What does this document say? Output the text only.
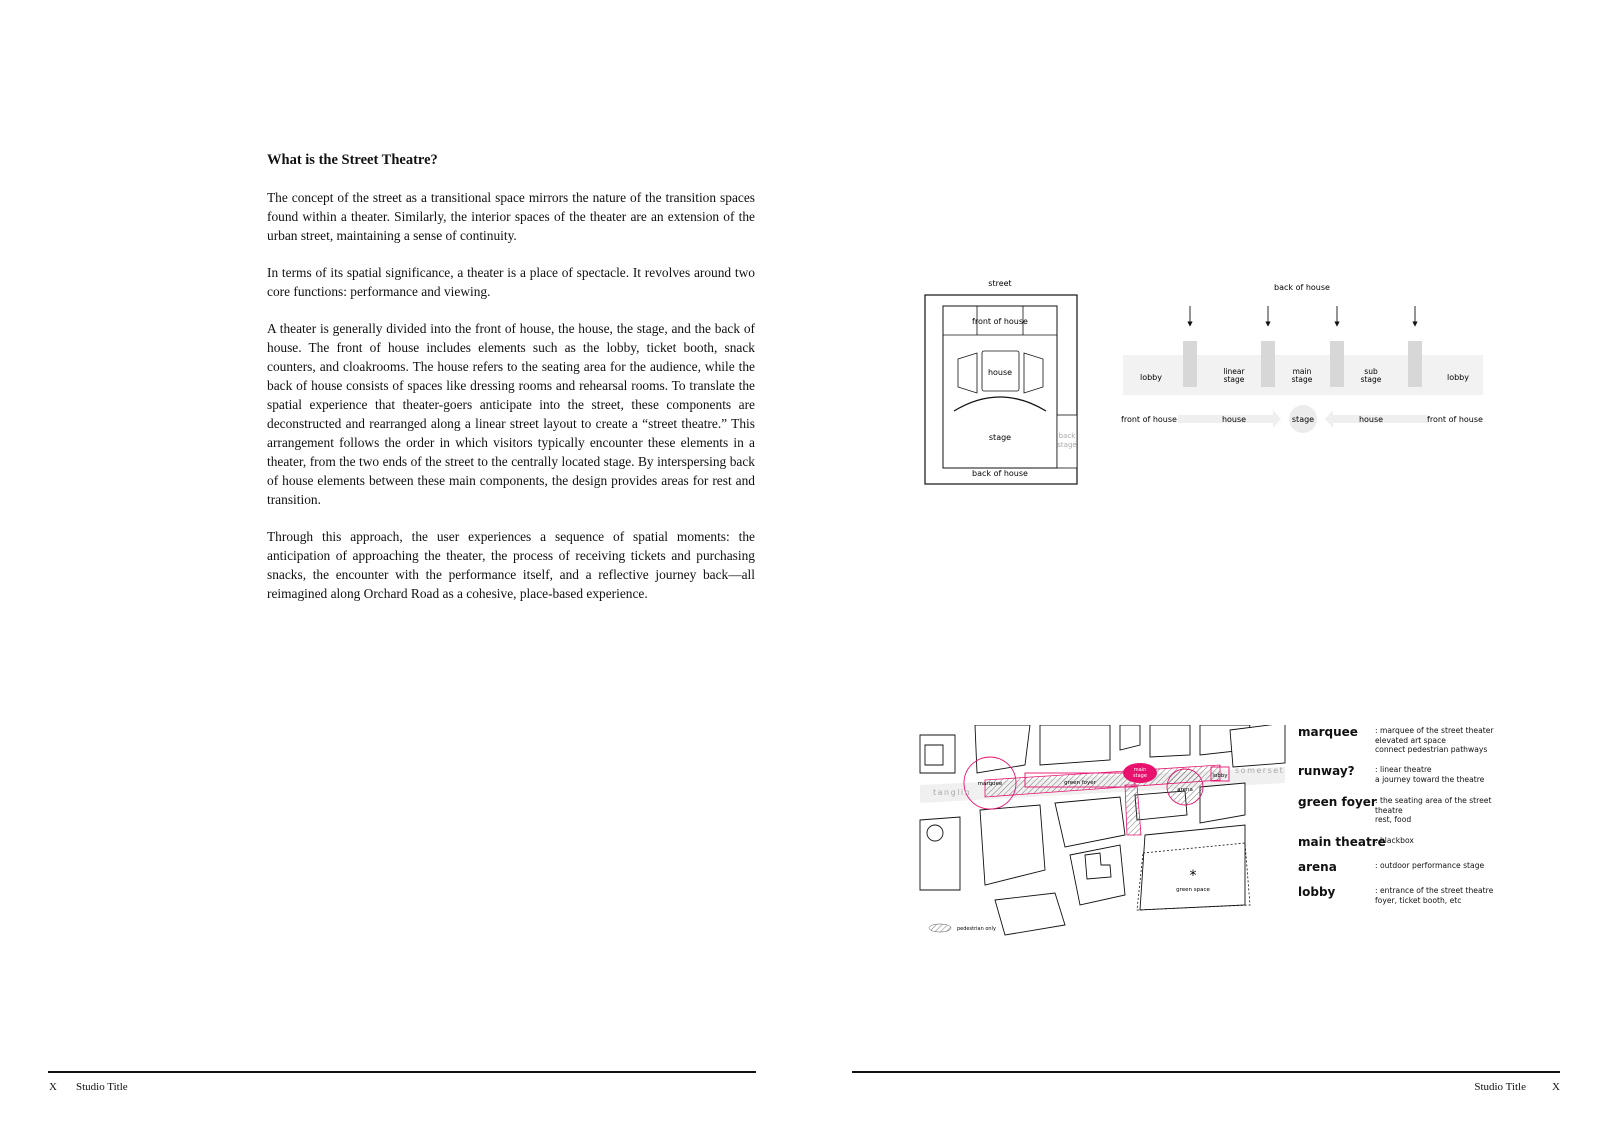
What is the Street Theatre?

The concept of the street as a transitional space mirrors the nature of the transition spaces found within a theater. Similarly, the interior spaces of the theater are an extension of the urban street, maintaining a sense of continuity.

In terms of its spatial significance, a theater is a place of spectacle. It revolves around two core functions: performance and viewing.

A theater is generally divided into the front of house, the house, the stage, and the back of house. The front of house includes elements such as the lobby, ticket booth, snack counters, and cloakrooms. The house refers to the seating area for the audience, while the back of house consists of spaces like dressing rooms and rehearsal rooms. To translate the spatial experience that theater-goers anticipate into the street, these components are deconstructed and rearranged along a linear street layout to create a “street theatre.” This arrangement follows the order in which visitors typically encounter these elements in a theater, from the two ends of the street to the centrally located stage. By interspersing back of house elements between these main components, the design provides areas for rest and transition.

Through this approach, the user experiences a sequence of spatial moments: the anticipation of approaching the theater, the process of receiving tickets and purchasing snacks, the encounter with the performance itself, and a reflective journey back—all reimagined along Orchard Road as a cohesive, place-based experience.

street
front of house
house
stage	back
stage
back of house
back of house
lobby
linear
stage
main
stage
sub
stage	lobby
front of house	house	stage	house	front of house
*
green space
tanglin
somerset
marquee	green foyer
main
stage
arena
lobby
pedestrian only
marquee : marquee of the street theater
elevated art space
connect pedestrian pathways
runway?	: linear theatre
a journey toward the theatre
green foyer
: the seating area of the street
theatre
rest, food
main theatre
: blackbox
arena	: outdoor performance stage
lobby	: entrance of the street theatre
foyer, ticket booth, etc
X Studio Title	Studio Title X
